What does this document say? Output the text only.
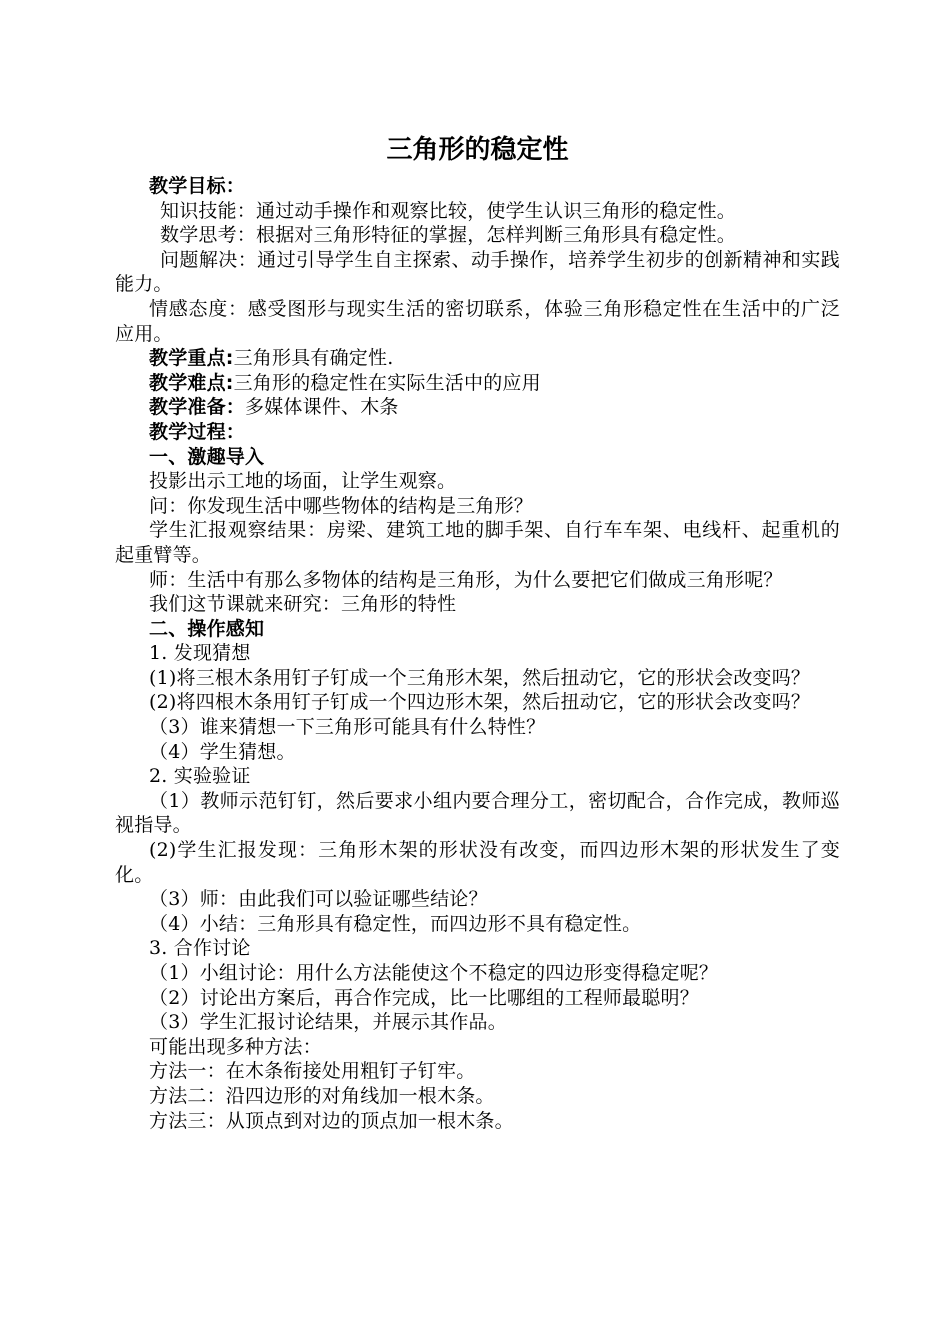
三角形的稳定性

教学目标：

知识技能：通过动手操作和观察比较，使学生认识三角形的稳定性。

数学思考：根据对三角形特征的掌握，怎样判断三角形具有稳定性。

问题解决：通过引导学生自主探索、动手操作，培养学生初步的创新精神和实践能力。

情感态度：感受图形与现实生活的密切联系，体验三角形稳定性在生活中的广泛应用。

教学重点:三角形具有确定性.

教学难点:三角形的稳定性在实际生活中的应用

教学准备：多媒体课件、木条

教学过程：

一、激趣导入

投影出示工地的场面，让学生观察。

问：你发现生活中哪些物体的结构是三角形？

学生汇报观察结果：房梁、建筑工地的脚手架、自行车车架、电线杆、起重机的起重臂等。

师：生活中有那么多物体的结构是三角形，为什么要把它们做成三角形呢？

我们这节课就来研究：三角形的特性

二、操作感知

1. 发现猜想

(1)将三根木条用钉子钉成一个三角形木架，然后扭动它，它的形状会改变吗？

(2)将四根木条用钉子钉成一个四边形木架，然后扭动它，它的形状会改变吗？

（3）谁来猜想一下三角形可能具有什么特性？

（4）学生猜想。

2. 实验验证

（1）教师示范钉钉，然后要求小组内要合理分工，密切配合，合作完成，教师巡视指导。

(2)学生汇报发现：三角形木架的形状没有改变，而四边形木架的形状发生了变化。

（3）师：由此我们可以验证哪些结论？

（4）小结：三角形具有稳定性，而四边形不具有稳定性。

3. 合作讨论

（1）小组讨论：用什么方法能使这个不稳定的四边形变得稳定呢？

（2）讨论出方案后，再合作完成，比一比哪组的工程师最聪明？

（3）学生汇报讨论结果，并展示其作品。

可能出现多种方法：

方法一：在木条衔接处用粗钉子钉牢。

方法二：沿四边形的对角线加一根木条。

方法三：从顶点到对边的顶点加一根木条。
